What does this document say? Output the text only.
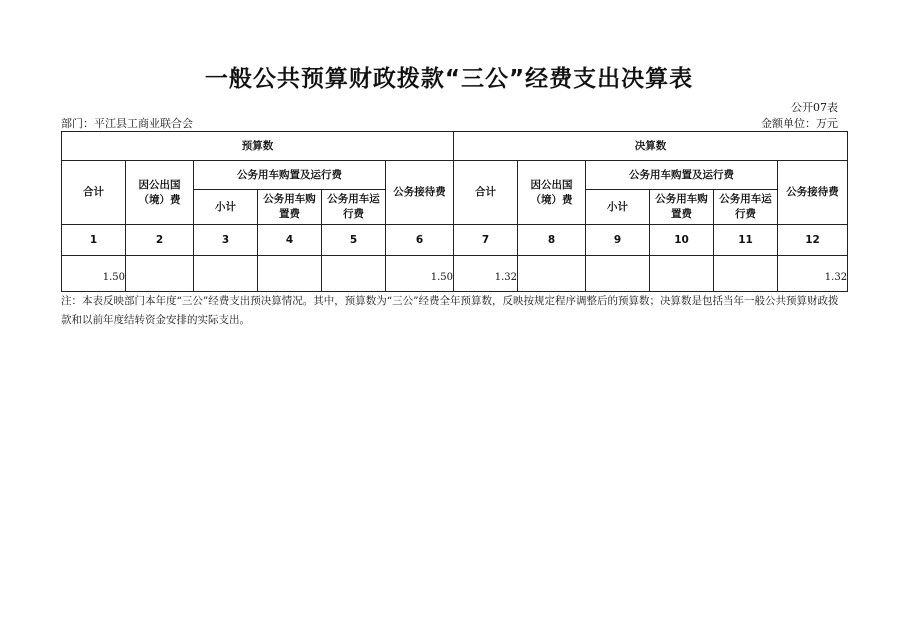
一般公共预算财政拨款“三公”经费支出决算表
公开07表
部门：平江县工商业联合会	金额单位：万元
预算数						决算数					
合计	因公出国（境）费	公务用车购置及运行费			公务接待费	合计	因公出国（境）费	公务用车购置及运行费			公务接待费
		小计	公务用车购置费	公务用车运行费				小计	公务用车购置费	公务用车运行费	
1	2	3	4	5	6	7	8	9	10	11	12
1.50					1.50	1.32					1.32
注：本表反映部门本年度“三公”经费支出预决算情况。其中，预算数为“三公”经费全年预算数，反映按规定程序调整后的预算数；决算数是包括当年一般公共预算财政拨款和以前年度结转资金安排的实际支出。
